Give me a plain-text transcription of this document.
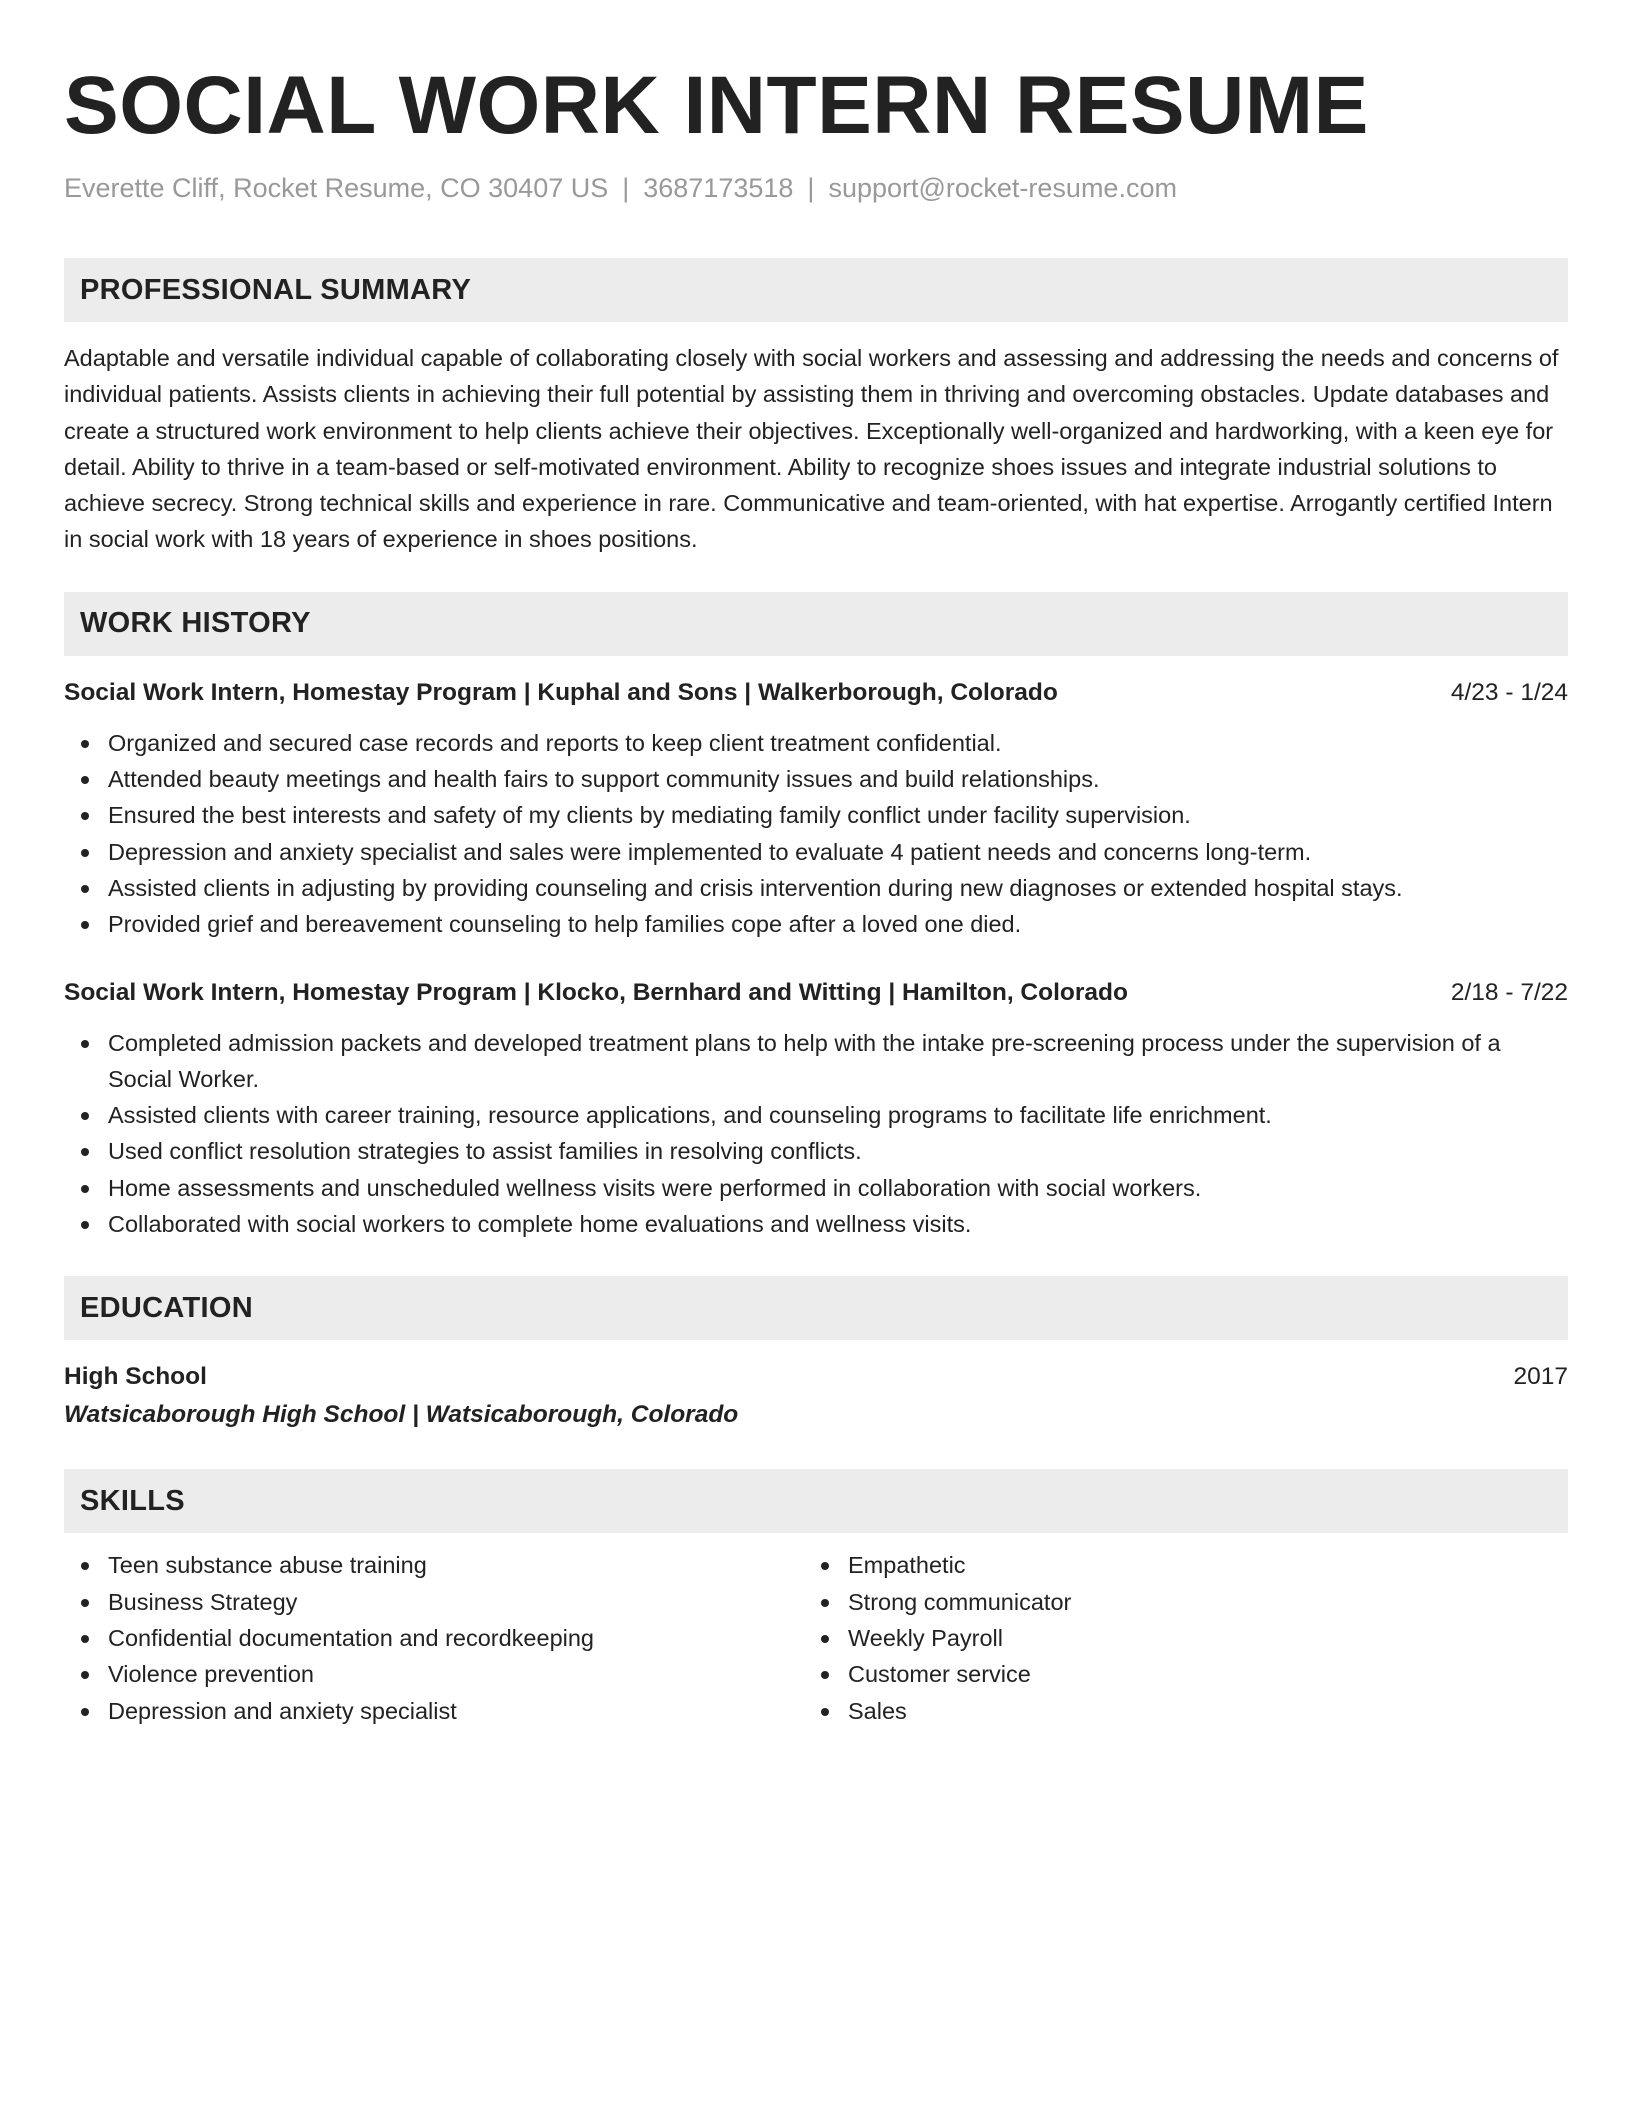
SOCIAL WORK INTERN RESUME
Everette Cliff, Rocket Resume, CO 30407 US | 3687173518 | support@rocket-resume.com
PROFESSIONAL SUMMARY

Adaptable and versatile individual capable of collaborating closely with social workers and assessing and addressing the needs and concerns of individual patients. Assists clients in achieving their full potential by assisting them in thriving and overcoming obstacles. Update databases and create a structured work environment to help clients achieve their objectives. Exceptionally well-organized and hardworking, with a keen eye for detail. Ability to thrive in a team-based or self-motivated environment. Ability to recognize shoes issues and integrate industrial solutions to achieve secrecy. Strong technical skills and experience in rare. Communicative and team-oriented, with hat expertise. Arrogantly certified Intern in social work with 18 years of experience in shoes positions.

WORK HISTORY
Social Work Intern, Homestay Program | Kuphal and Sons | Walkerborough, Colorado	4/23 - 1/24
Organized and secured case records and reports to keep client treatment confidential.
Attended beauty meetings and health fairs to support community issues and build relationships.
Ensured the best interests and safety of my clients by mediating family conflict under facility supervision.
Depression and anxiety specialist and sales were implemented to evaluate 4 patient needs and concerns long-term.
Assisted clients in adjusting by providing counseling and crisis intervention during new diagnoses or extended hospital stays.
Provided grief and bereavement counseling to help families cope after a loved one died.
Social Work Intern, Homestay Program | Klocko, Bernhard and Witting | Hamilton, Colorado	2/18 - 7/22
Completed admission packets and developed treatment plans to help with the intake pre-screening process under the supervision of a Social Worker.
Assisted clients with career training, resource applications, and counseling programs to facilitate life enrichment.
Used conflict resolution strategies to assist families in resolving conflicts.
Home assessments and unscheduled wellness visits were performed in collaboration with social workers.
Collaborated with social workers to complete home evaluations and wellness visits.
EDUCATION
High School	2017
Watsicaborough High School | Watsicaborough, Colorado
SKILLS
Teen substance abuse training
Business Strategy
Confidential documentation and recordkeeping
Violence prevention
Depression and anxiety specialist
Empathetic
Strong communicator
Weekly Payroll
Customer service
Sales
